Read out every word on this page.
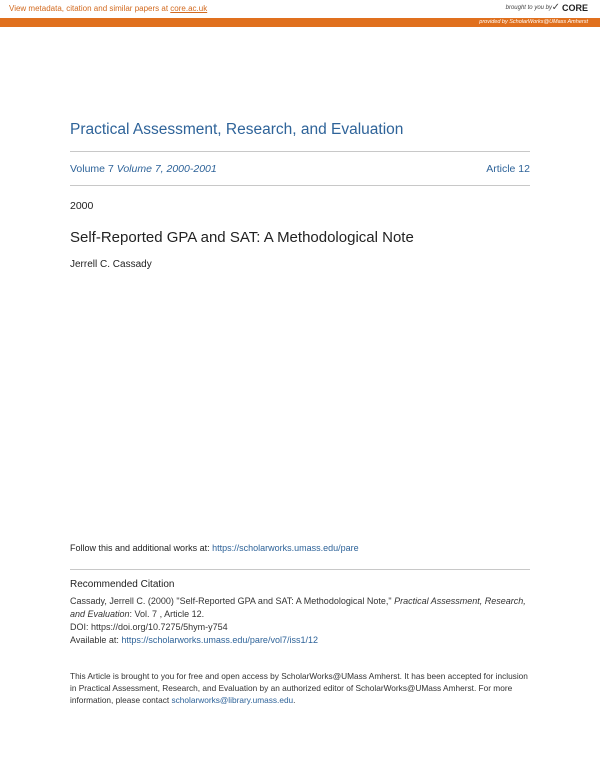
View metadata, citation and similar papers at core.ac.uk	brought to you by ✓ CORE
provided by ScholarWorks@UMass Amherst
Practical Assessment, Research, and Evaluation
Volume 7 Volume 7, 2000-2001	Article 12
2000
Self-Reported GPA and SAT: A Methodological Note
Jerrell C. Cassady
Follow this and additional works at: https://scholarworks.umass.edu/pare
Recommended Citation
Cassady, Jerrell C. (2000) "Self-Reported GPA and SAT: A Methodological Note," Practical Assessment, Research, and Evaluation: Vol. 7 , Article 12.
DOI: https://doi.org/10.7275/5hym-y754
Available at: https://scholarworks.umass.edu/pare/vol7/iss1/12
This Article is brought to you for free and open access by ScholarWorks@UMass Amherst. It has been accepted for inclusion in Practical Assessment, Research, and Evaluation by an authorized editor of ScholarWorks@UMass Amherst. For more information, please contact scholarworks@library.umass.edu.
